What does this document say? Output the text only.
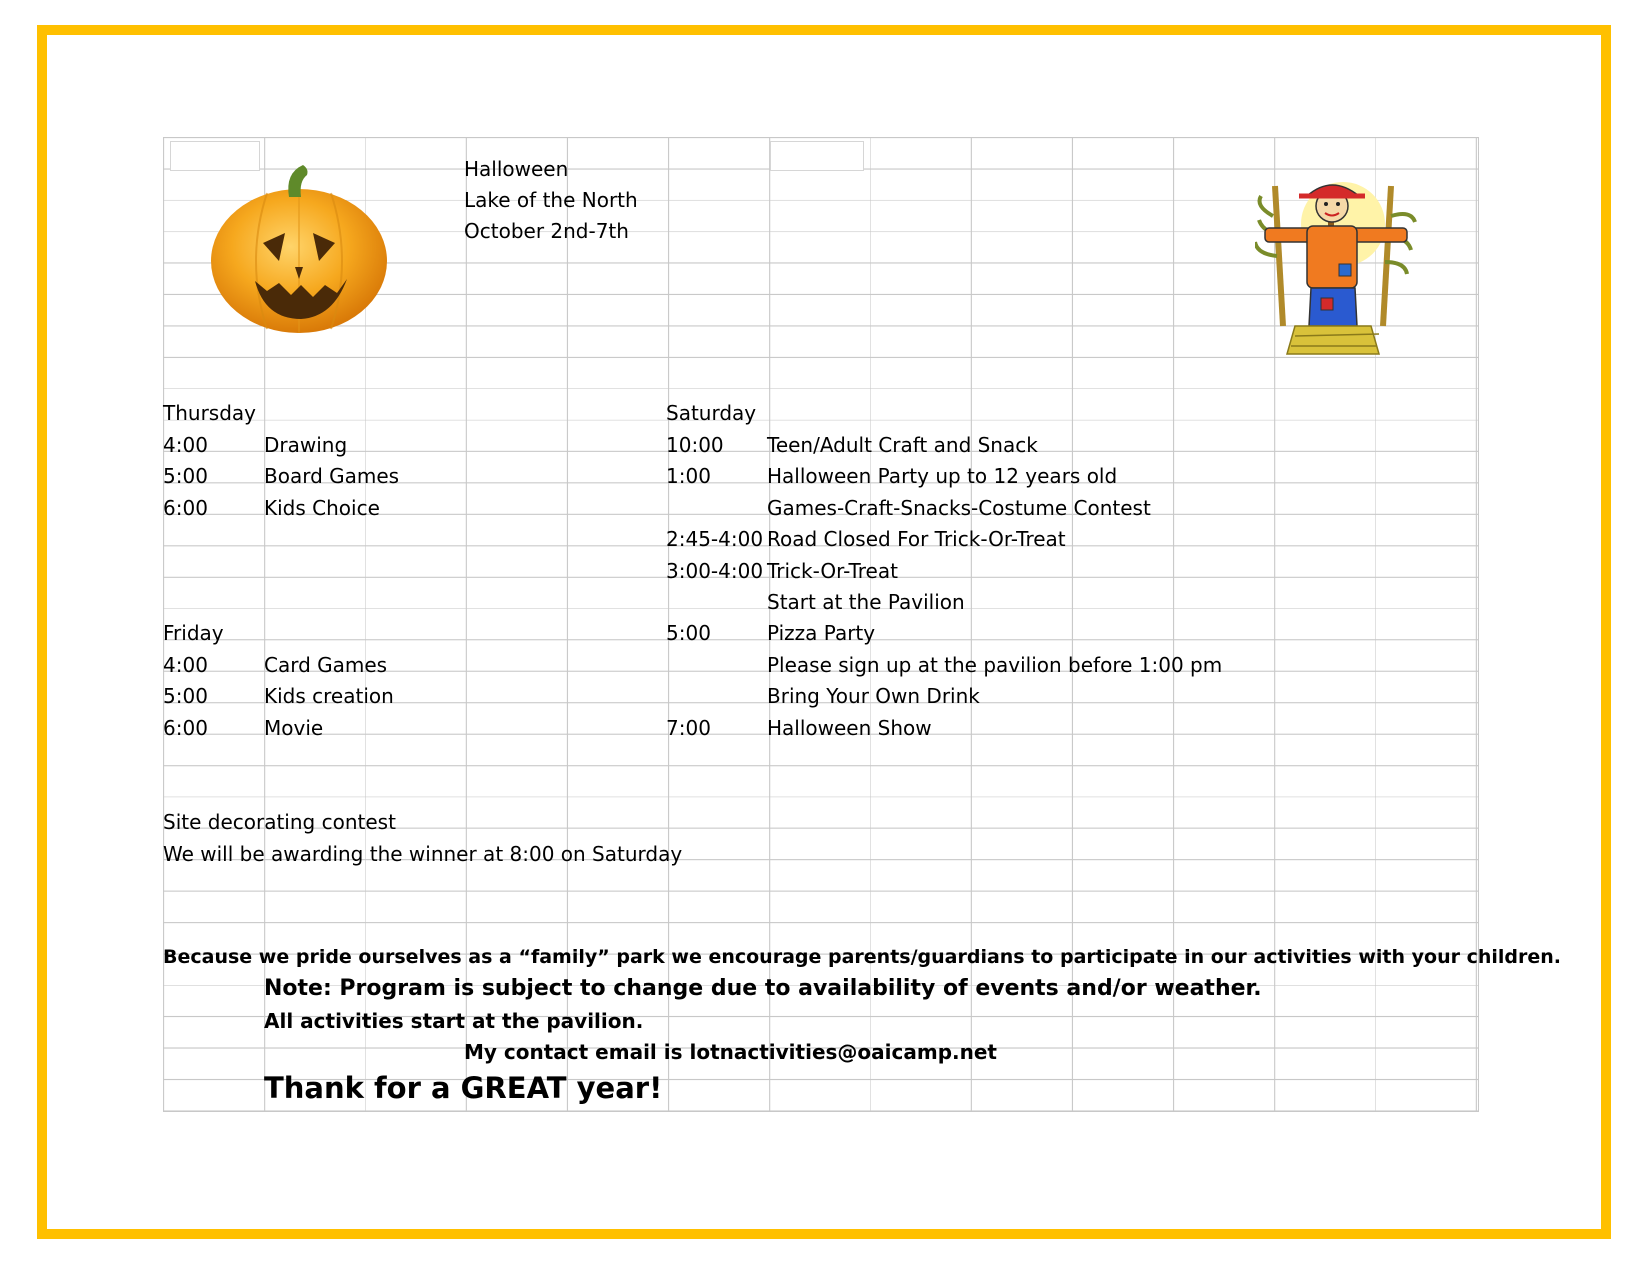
Halloween
Lake of the North
October 2nd-7th
Thursday
4:00	Drawing
5:00	Board Games
6:00	Kids Choice
Friday
4:00	Card Games
5:00	Kids creation
6:00	Movie
Saturday
10:00 Teen/Adult Craft and Snack
1:00	Halloween Party up to 12 years old
Games-Craft-Snacks-Costume Contest
2:45-4:00 Road Closed For Trick-Or-Treat
3:00-4:00 Trick-Or-Treat
Start at the Pavilion
5:00	Pizza Party
Please sign up at the pavilion before 1:00 pm
Bring Your Own Drink
7:00	Halloween Show
Site decorating contest
We will be awarding the winner at 8:00 on Saturday
Because we pride ourselves as a “family” park we encourage parents/guardians to participate in our activities with your children.
Note: Program is subject to change due to availability of events and/or weather.
All activities start at the pavilion.
My contact email is lotnactivities@oaicamp.net
Thank for a GREAT year!
